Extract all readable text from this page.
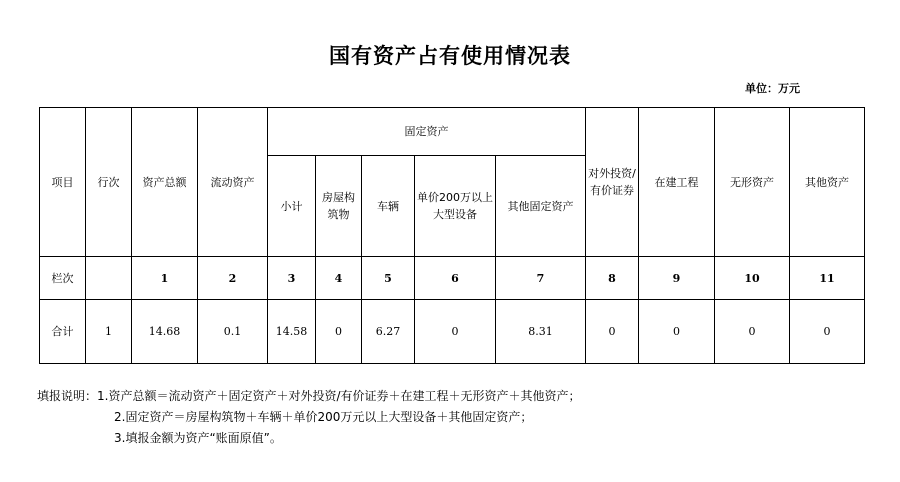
国有资产占有使用情况表
单位：万元
项目	行次	资产总额	流动资产	固定资产					对外投资/有价证券	在建工程	无形资产	其他资产
				小计	房屋构筑物	车辆	单价200万以上大型设备	其他固定资产				
栏次		1	2	3	4	5	6	7	8	9	10	11
合计	1	14.68	0.1	14.58	0	6.27	0	8.31	0	0	0	0
填报说明：1.资产总额＝流动资产＋固定资产＋对外投资/有价证券＋在建工程＋无形资产＋其他资产；
2.固定资产＝房屋构筑物＋车辆＋单价200万元以上大型设备＋其他固定资产；
3.填报金额为资产“账面原值”。
